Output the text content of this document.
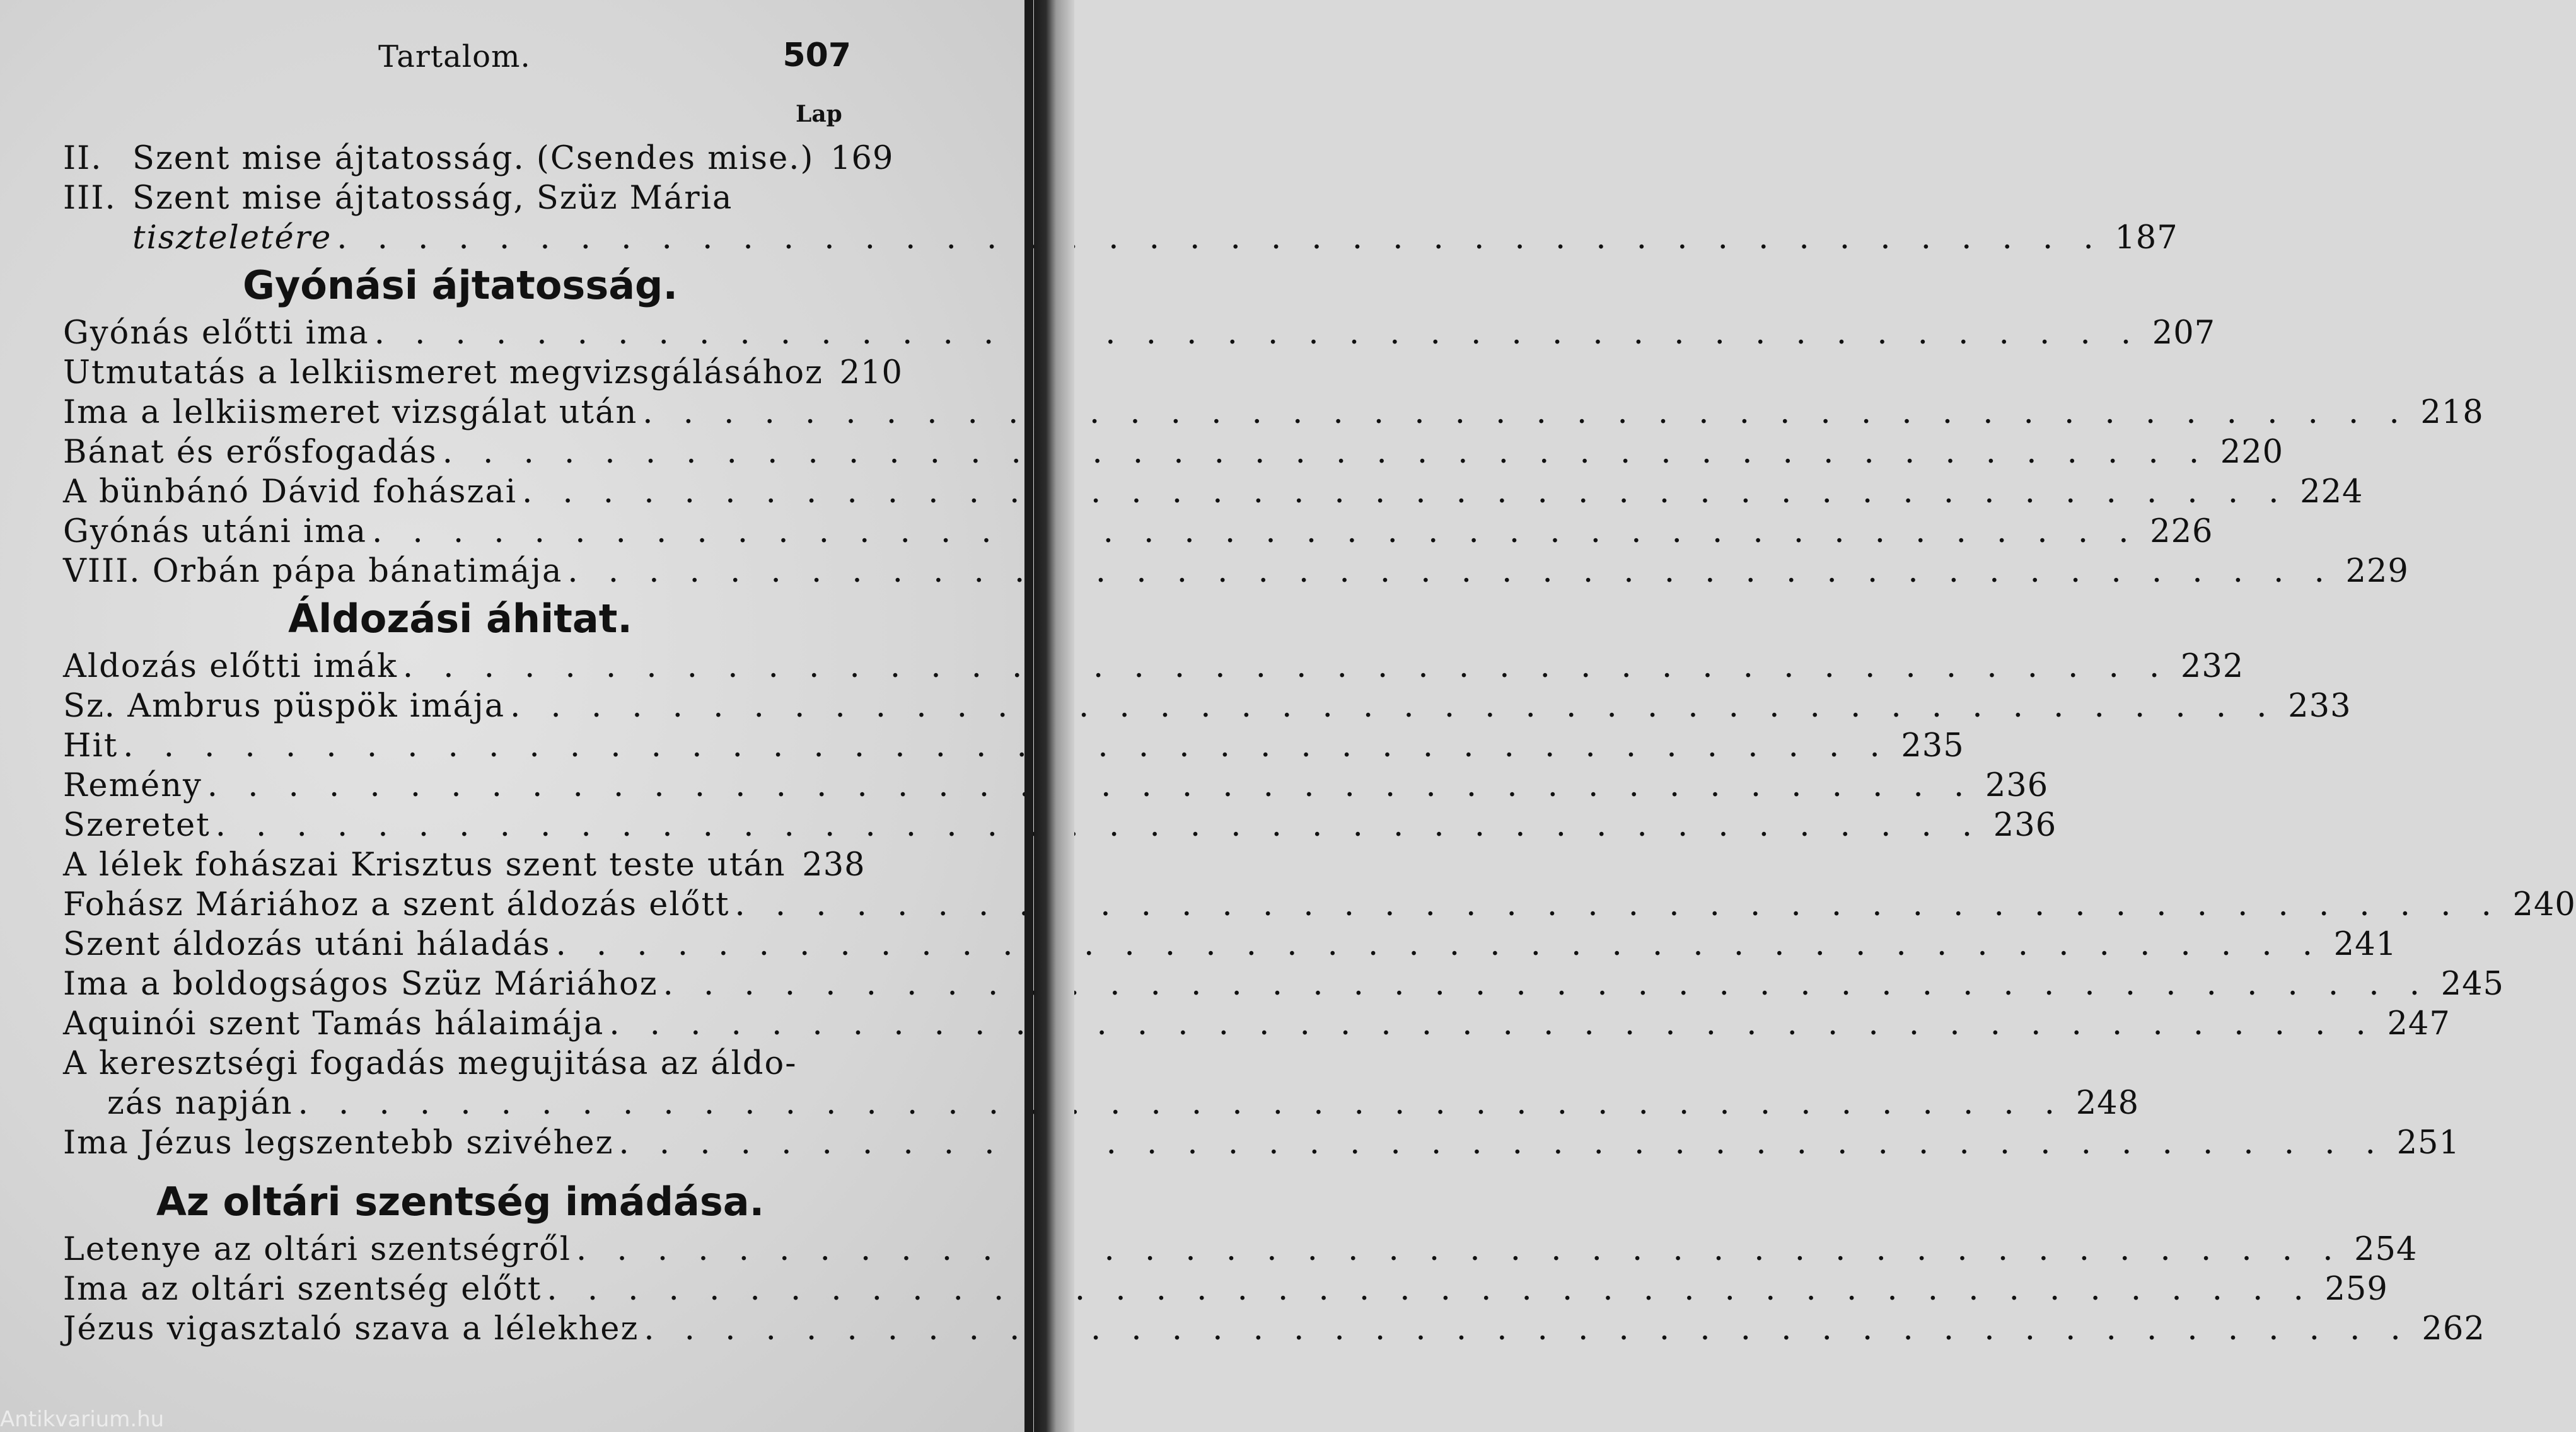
Tartalom.	507
Lap
II. Szent mise ájtatosság. (Csendes mise.) 169
III. Szent mise ájtatosság, Szüz Mária
tiszteletére . . .	187
Gyónási ájtatosság.
Gyónás előtti ima . . .	207
Utmutatás a lelkiismeret megvizsgálásához 210
Ima a lelkiismeret vizsgálat után . . .	218
Bánat és erősfogadás . . .	220
A bünbánó Dávid fohászai . . .	224
Gyónás utáni ima . . .	226
VIII. Orbán pápa bánatimája . . .	229
Áldozási áhitat.
Aldozás előtti imák . . .	232
Sz. Ambrus püspök imája . . .	233
Hit . . .	235
Remény . . .	236
Szeretet . . .	236
A lélek fohászai Krisztus szent teste után 238
Fohász Máriához a szent áldozás előtt . . .	240
Szent áldozás utáni háladás . . .	241
Ima a boldogságos Szüz Máriához . . .	245
Aquinói szent Tamás hálaimája . . .	247
A keresztségi fogadás megujitása az áldo-
zás napján . . .	248
Ima Jézus legszentebb szivéhez . . .	251
Az oltári szentség imádása.
Letenye az oltári szentségről . . .	254
Ima az oltári szentség előtt . . .	259
Jézus vigasztaló szava a lélekhez . . .	262
Antikvarium.hu
